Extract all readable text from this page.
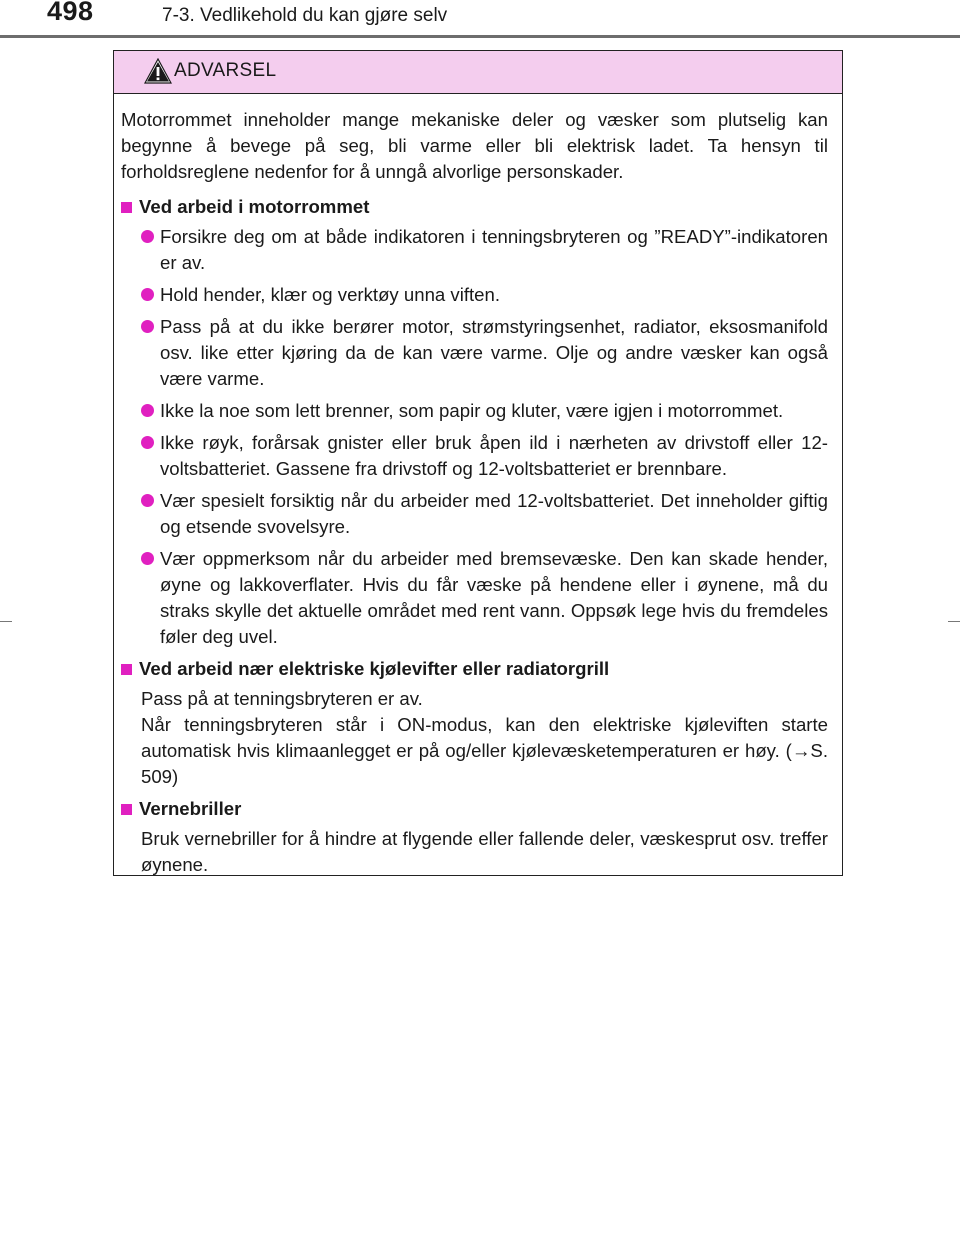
498	7-3. Vedlikehold du kan gjøre selv
ADVARSEL

Motorrommet inneholder mange mekaniske deler og væsker som plutselig kan begynne å bevege på seg, bli varme eller bli elektrisk ladet. Ta hensyn til forholdsreglene nedenfor for å unngå alvorlige personskader.

Ved arbeid i motorrommet

Forsikre deg om at både indikatoren i tenningsbryteren og ”READY”-indikatoren er av.

Hold hender, klær og verktøy unna viften.

Pass på at du ikke berører motor, strømstyringsenhet, radiator, eksosmanifold osv. like etter kjøring da de kan være varme. Olje og andre væsker kan også være varme.

Ikke la noe som lett brenner, som papir og kluter, være igjen i motorrommet.

Ikke røyk, forårsak gnister eller bruk åpen ild i nærheten av drivstoff eller 12-voltsbatteriet. Gassene fra drivstoff og 12-voltsbatteriet er brennbare.

Vær spesielt forsiktig når du arbeider med 12-voltsbatteriet. Det inneholder giftig og etsende svovelsyre.

Vær oppmerksom når du arbeider med bremsevæske. Den kan skade hender, øyne og lakkoverflater. Hvis du får væske på hendene eller i øynene, må du straks skylle det aktuelle området med rent vann. Oppsøk lege hvis du fremdeles føler deg uvel.

Ved arbeid nær elektriske kjølevifter eller radiatorgrill

Pass på at tenningsbryteren er av.

Når tenningsbryteren står i ON-modus, kan den elektriske kjøleviften starte automatisk hvis klimaanlegget er på og/eller kjølevæsketemperaturen er høy. (→S. 509)

Vernebriller

Bruk vernebriller for å hindre at flygende eller fallende deler, væskesprut osv. treffer øynene.
